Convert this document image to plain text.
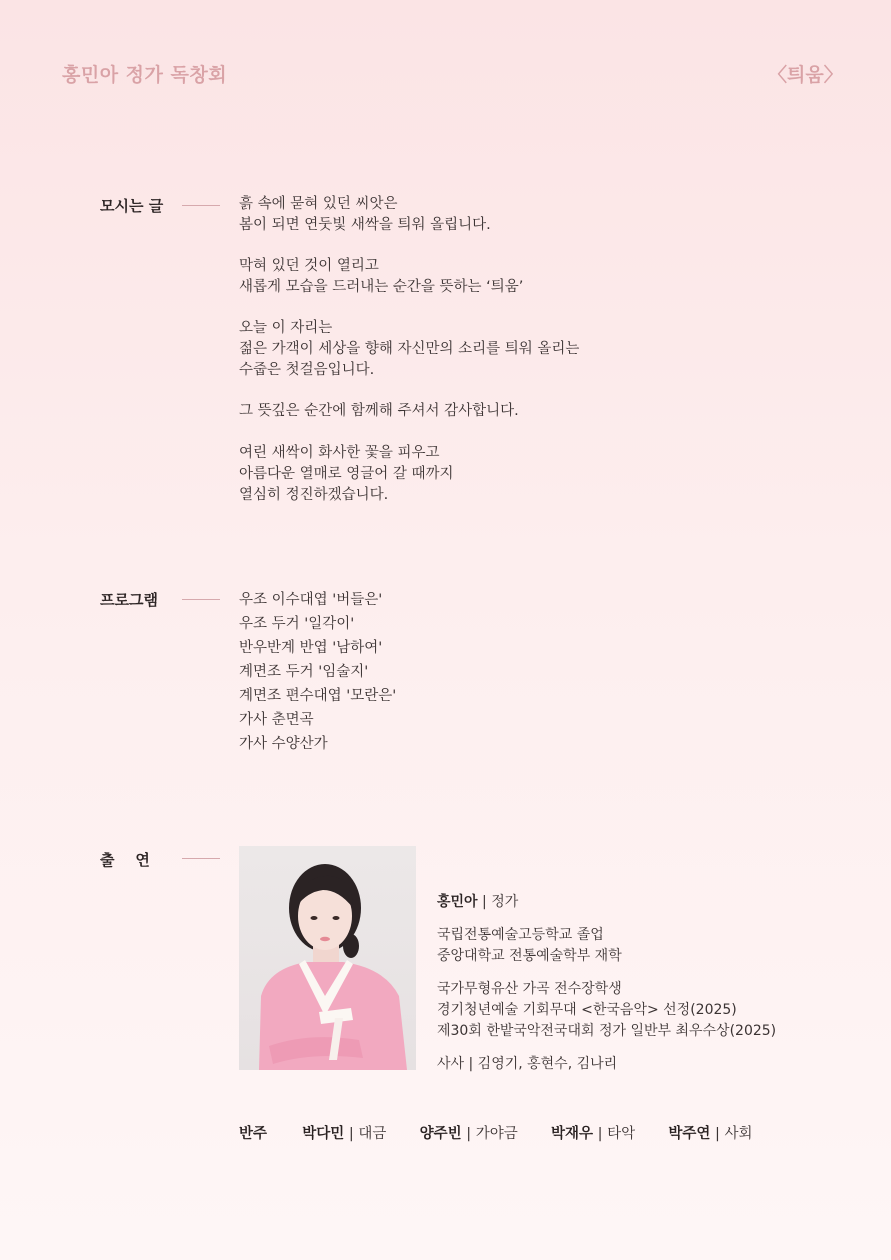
홍민아 정가 독창회	〈틔움〉
모시는 글	흙 속에 묻혀 있던 씨앗은
봄이 되면 연둣빛 새싹을 틔워 올립니다.
막혀 있던 것이 열리고
새롭게 모습을 드러내는 순간을 뜻하는 ‘틔움’
오늘 이 자리는
젊은 가객이 세상을 향해 자신만의 소리를 틔워 올리는
수줍은 첫걸음입니다.
그 뜻깊은 순간에 함께해 주셔서 감사합니다.
여린 새싹이 화사한 꽃을 피우고
아름다운 열매로 영글어 갈 때까지
열심히 정진하겠습니다.
프로그램	우조 이수대엽 '버들은'
우조 두거 '일각이'
반우반계 반엽 '남하여'
계면조 두거 '임술지'
계면조 편수대엽 '모란은'
가사 춘면곡
가사 수양산가
출    연
홍민아 | 정가
국립전통예술고등학교 졸업
중앙대학교 전통예술학부 재학
국가무형유산 가곡 전수장학생
경기청년예술 기회무대 <한국음악> 선정(2025)
제30회 한밭국악전국대회 정가 일반부 최우수상(2025)
사사 | 김영기, 홍현수, 김나리
반주 박다민 | 대금 양주빈 | 가야금 박재우 | 타악 박주연 | 사회
